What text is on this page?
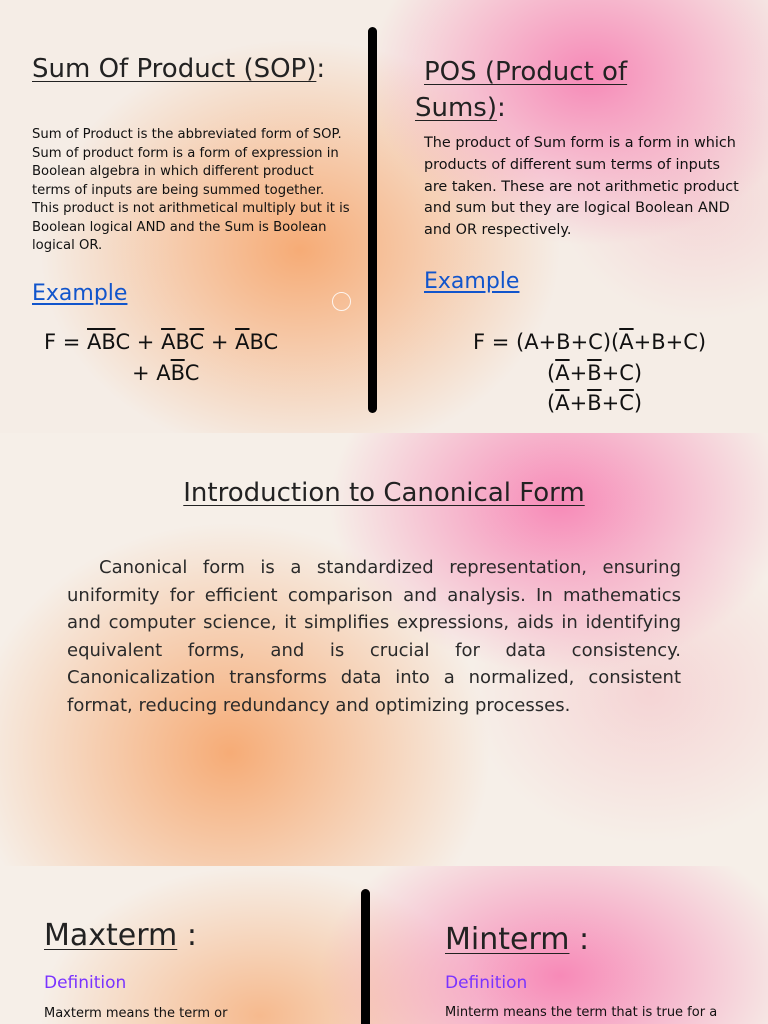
Sum Of Product (SOP):
Sum of Product is the abbreviated form of SOP. Sum of product form is a form of expression in Boolean algebra in which different product terms of inputs are being summed together. This product is not arithmetical multiply but it is Boolean logical AND and the Sum is Boolean logical OR.
Example
$F = \overline{AB}C + \overline{A}B\overline{C} + \overline{A}BC$
+ $A\overline{B}C$
POS (Product of Sums):
The product of Sum form is a form in which products of different sum terms of inputs are taken. These are not arithmetic product and sum but they are logical Boolean AND and OR respectively.
Example
$F = (A+B+C)(\overline{A}+B+C)$
$(\overline{A}+\overline{B}+C)$
$(\overline{A}+\overline{B}+\overline{C})$
Introduction to Canonical Form
Canonical form is a standardized representation, ensuring uniformity for efficient comparison and analysis. In mathematics and computer science, it simplifies expressions, aids in identifying equivalent forms, and is crucial for data consistency. Canonicalization transforms data into a normalized, consistent format, reducing redundancy and optimizing processes.
Maxterm :
Definition
Maxterm means the term or
Minterm :
Definition
Minterm means the term that is true for a
